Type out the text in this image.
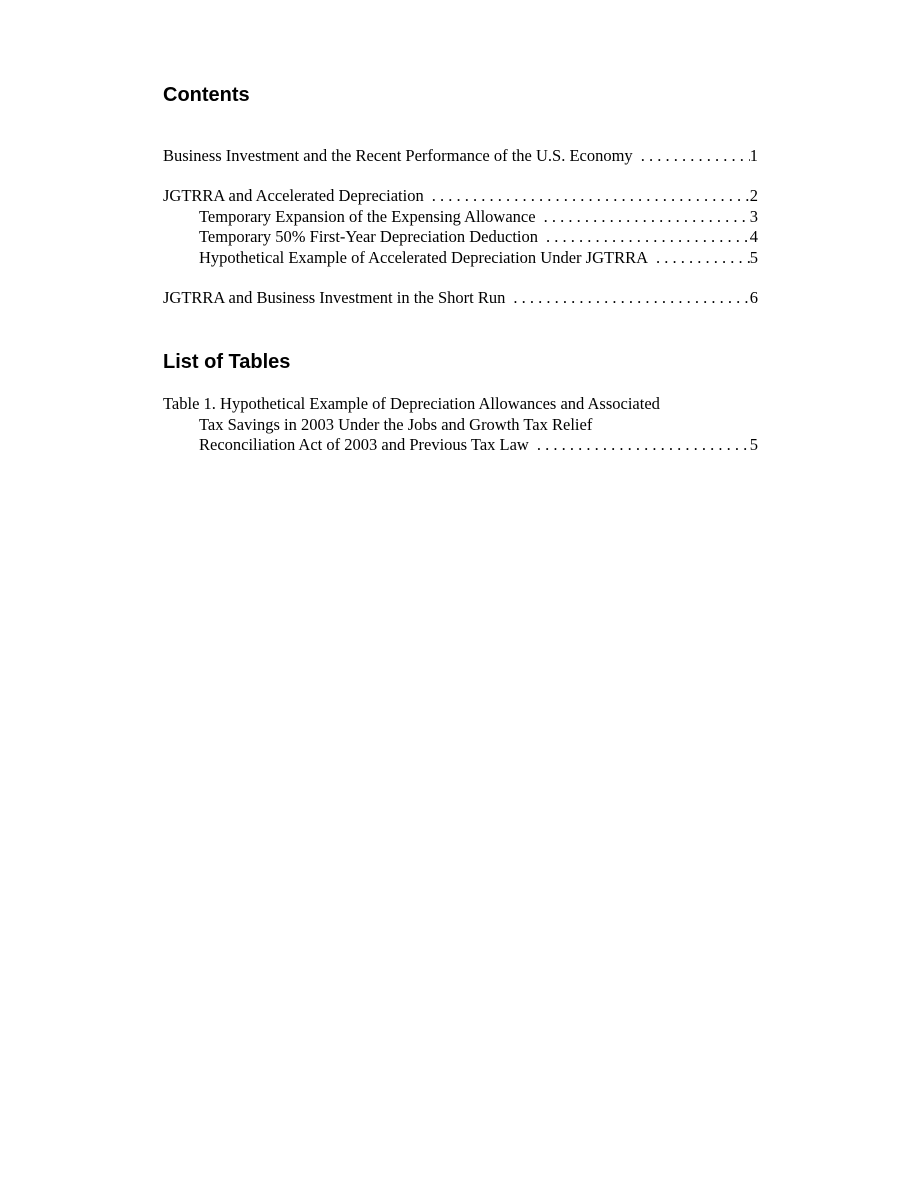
Contents
Business Investment and the Recent Performance of the U.S. Economy . . .	1
JGTRRA and Accelerated Depreciation . . .	2
Temporary Expansion of the Expensing Allowance . . .	3
Temporary 50% First-Year Depreciation Deduction . . .	4
Hypothetical Example of Accelerated Depreciation Under JGTRRA . . .	5
JGTRRA and Business Investment in the Short Run . . .	6
List of Tables
Table 1. Hypothetical Example of Depreciation Allowances and Associated
Tax Savings in 2003 Under the Jobs and Growth Tax Relief
Reconciliation Act of 2003 and Previous Tax Law . . .	5
